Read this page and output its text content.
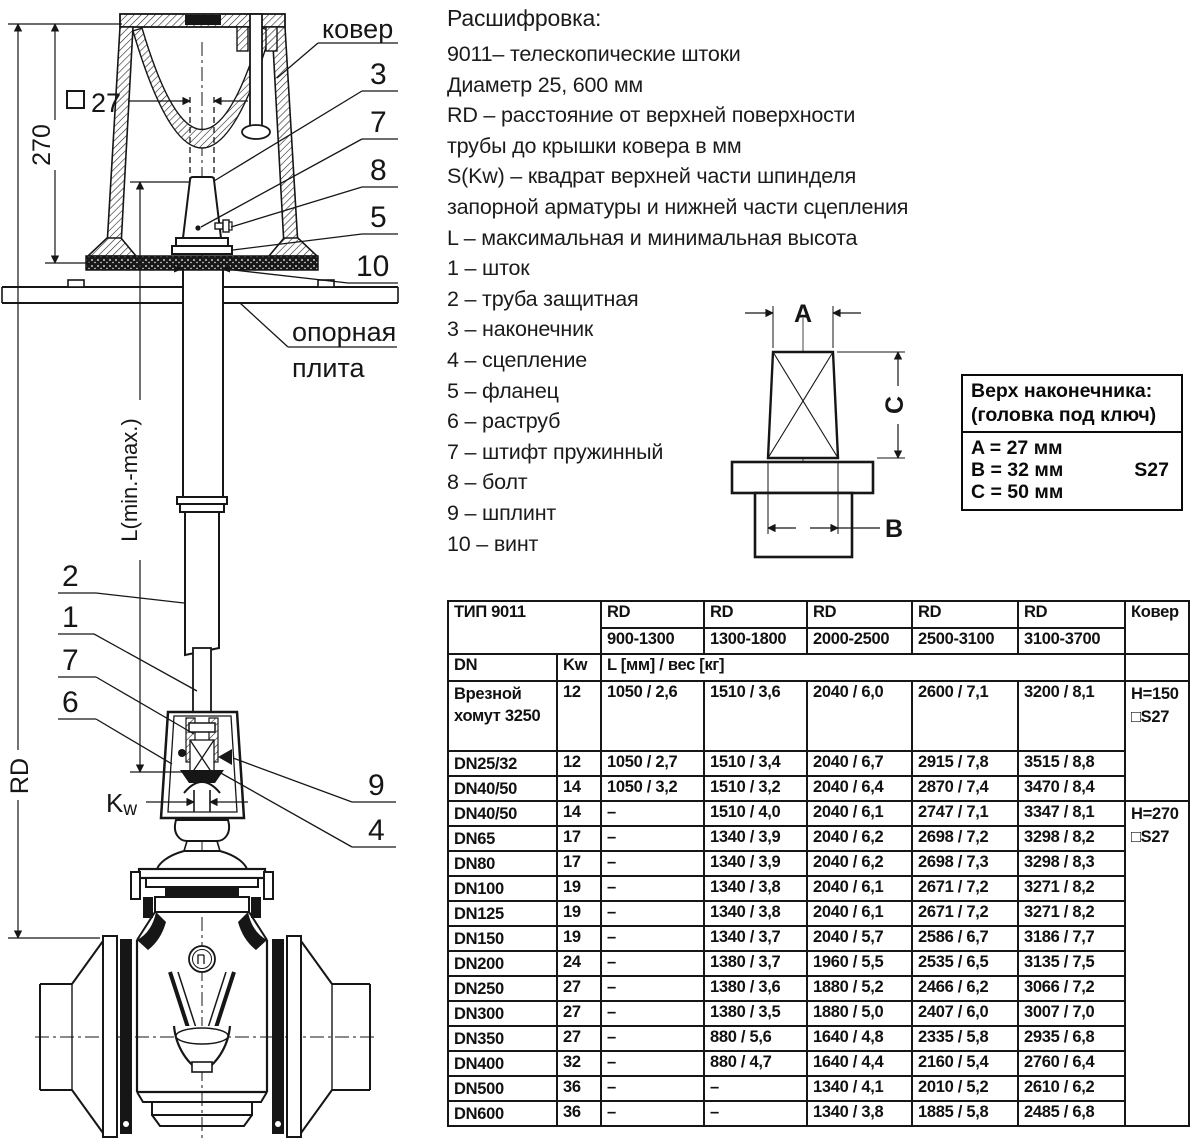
ковер
опорная
плита
270
27
RD
L(min.-max.)
Kw
3
7
8
5
10
2
1
7
6
9
4
Расшифровка:
9011– телескопические штоки
Диаметр 25, 600 мм
RD – расстояние от верхней поверхности
трубы до крышки ковера в мм
S(Kw) – квадрат верхней части шпинделя
запорной арматуры и нижней части сцепления
L – максимальная и минимальная высота
1 – шток
2 – труба защитная
3 – наконечник
4 – сцепление
5 – фланец
6 – раструб
7 – штифт пружинный
8 – болт
9 – шплинт
10 – винт
A
C
B
Верх наконечника:
(головка под ключ)
A = 27 мм
B = 32 мм	S27
C = 50 мм
ТИП 9011		RD	RD	RD	RD	RD	Ковер
		900-1300	1300-1800	2000-2500	2500-3100	3100-3700	
DN	Kw	L [мм] / вес [кг]					
Врезной хомут 3250	12	1050 / 2,6	1510 / 3,6	2040 / 6,0	2600 / 7,1	3200 / 8,1	H=150
□S27

DN25/32	12	1050 / 2,7	1510 / 3,4	2040 / 6,7	2915 / 7,8	3515 / 8,8	
DN40/50	14	1050 / 3,2	1510 / 3,2	2040 / 6,4	2870 / 7,4	3470 / 8,4	
DN40/50	14	–	1510 / 4,0	2040 / 6,1	2747 / 7,1	3347 / 8,1	H=270
□S27

DN65	17	–	1340 / 3,9	2040 / 6,2	2698 / 7,2	3298 / 8,2	
DN80	17	–	1340 / 3,9	2040 / 6,2	2698 / 7,3	3298 / 8,3	
DN100	19	–	1340 / 3,8	2040 / 6,1	2671 / 7,2	3271 / 8,2	
DN125	19	–	1340 / 3,8	2040 / 6,1	2671 / 7,2	3271 / 8,2	
DN150	19	–	1340 / 3,7	2040 / 5,7	2586 / 6,7	3186 / 7,7	
DN200	24	–	1380 / 3,7	1960 / 5,5	2535 / 6,5	3135 / 7,5	
DN250	27	–	1380 / 3,6	1880 / 5,2	2466 / 6,2	3066 / 7,2	
DN300	27	–	1380 / 3,5	1880 / 5,0	2407 / 6,0	3007 / 7,0	
DN350	27	–	880 / 5,6	1640 / 4,8	2335 / 5,8	2935 / 6,8	
DN400	32	–	880 / 4,7	1640 / 4,4	2160 / 5,4	2760 / 6,4	
DN500	36	–	–	1340 / 4,1	2010 / 5,2	2610 / 6,2	
DN600	36	–	–	1340 / 3,8	1885 / 5,8	2485 / 6,8	
